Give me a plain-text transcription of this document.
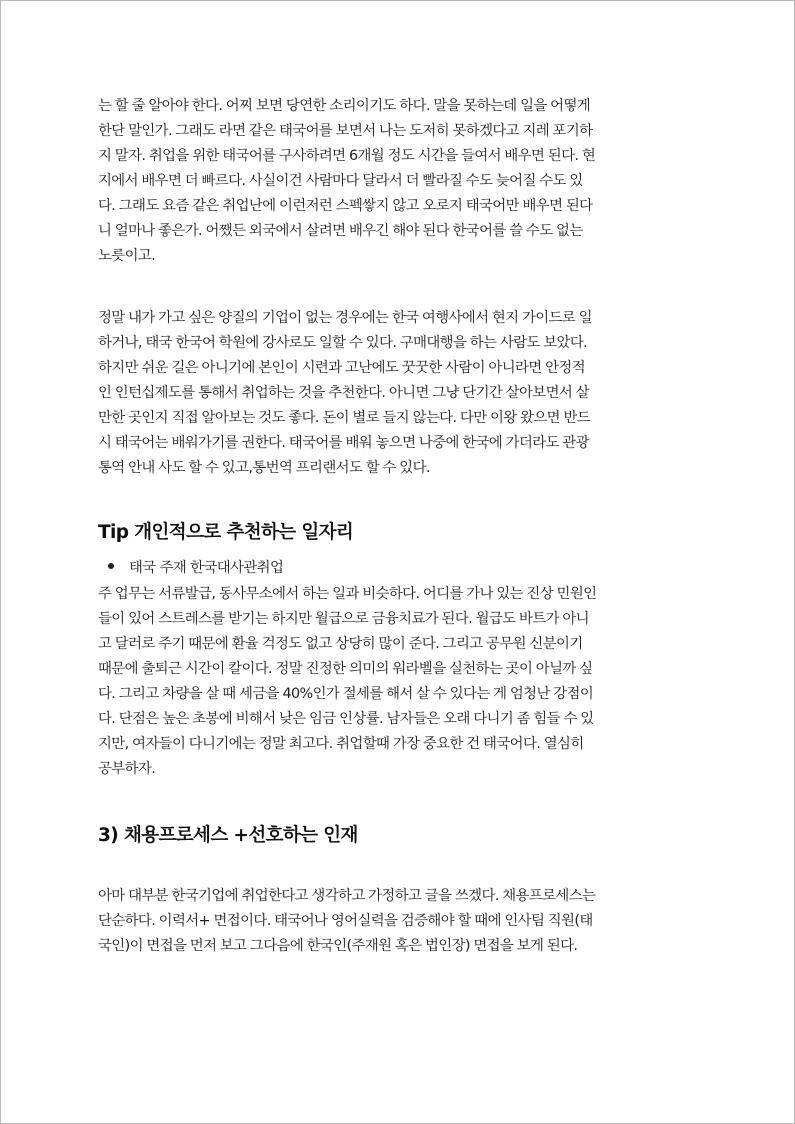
는 할 줄 알아야 한다. 어찌 보면 당연한 소리이기도 하다. 말을 못하는데 일을 어떻게
한단 말인가. 그래도 라면 같은 태국어를 보면서 나는 도저히 못하겠다고 지레 포기하
지 말자. 취업을 위한 태국어를 구사하려면 6개월 정도 시간을 들여서 배우면 된다. 현
지에서 배우면 더 빠르다. 사실이건 사람마다 달라서 더 빨라질 수도 늦어질 수도 있
다. 그래도 요즘 같은 취업난에 이런저런 스펙쌓지 않고 오로지 태국어만 배우면 된다
니 얼마나 좋은가. 어쨌든 외국에서 살려면 배우긴 해야 된다 한국어를 쓸 수도 없는
노릇이고.

정말 내가 가고 싶은 양질의 기업이 없는 경우에는 한국 여행사에서 현지 가이드로 일
하거나, 태국 한국어 학원에 강사로도 일할 수 있다. 구매대행을 하는 사람도 보았다.
하지만 쉬운 길은 아니기에 본인이 시련과 고난에도 꿋꿋한 사람이 아니라면 안정적
인 인턴십제도를 통해서 취업하는 것을 추천한다. 아니면 그냥 단기간 살아보면서 살
만한 곳인지 직접 알아보는 것도 좋다. 돈이 별로 들지 않는다. 다만 이왕 왔으면 반드
시 태국어는 배워가기를 권한다. 태국어를 배워 놓으면 나중에 한국에 가더라도 관광
통역 안내 사도 할 수 있고,통번역 프리랜서도 할 수 있다.

Tip 개인적으로 추천하는 일자리
태국 주재 한국대사관취업

주 업무는 서류발급, 동사무소에서 하는 일과 비슷하다. 어디를 가나 있는 진상 민원인
들이 있어 스트레스를 받기는 하지만 월급으로 금융치료가 된다. 월급도 바트가 아니
고 달러로 주기 때문에 환율 걱정도 없고 상당히 많이 준다. 그리고 공무원 신분이기
때문에 출퇴근 시간이 칼이다. 정말 진정한 의미의 워라벨을 실천하는 곳이 아닐까 싶
다. 그리고 차량을 살 때 세금을 40%인가 절세를 해서 살 수 있다는 게 엄청난 강점이
다. 단점은 높은 초봉에 비해서 낮은 임금 인상률. 남자들은 오래 다니기 좀 힘들 수 있
지만, 여자들이 다니기에는 정말 최고다. 취업할때 가장 중요한 건 태국어다. 열심히
공부하자.

3) 채용프로세스 +선호하는 인재

아마 대부분 한국기업에 취업한다고 생각하고 가정하고 글을 쓰겠다. 채용프로세스는
단순하다. 이력서+ 면접이다. 태국어나 영어실력을 검증해야 할 때에 인사팀 직원(태
국인)이 면접을 먼저 보고 그다음에 한국인(주재원 혹은 법인장) 면접을 보게 된다.
